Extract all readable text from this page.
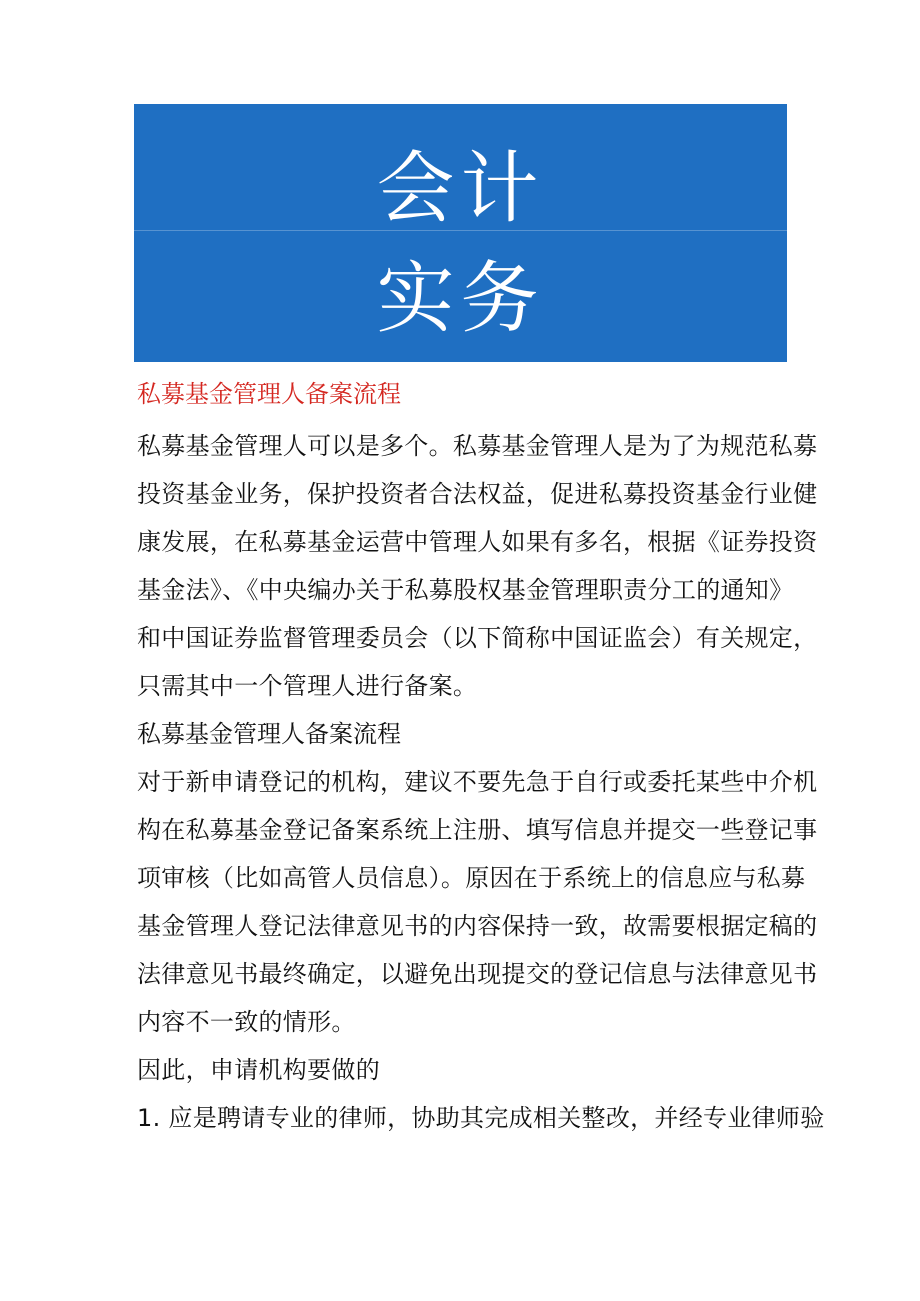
会计
实务

私募基金管理人备案流程

私募基金管理人可以是多个。私募基金管理人是为了为规范私募

投资基金业务，保护投资者合法权益，促进私募投资基金行业健

康发展，在私募基金运营中管理人如果有多名，根据《证券投资

基金法》、《中央编办关于私募股权基金管理职责分工的通知》

和中国证券监督管理委员会（以下简称中国证监会）有关规定，

只需其中一个管理人进行备案。

私募基金管理人备案流程

对于新申请登记的机构，建议不要先急于自行或委托某些中介机

构在私募基金登记备案系统上注册、填写信息并提交一些登记事

项审核（比如高管人员信息）。原因在于系统上的信息应与私募

基金管理人登记法律意见书的内容保持一致，故需要根据定稿的

法律意见书最终确定，以避免出现提交的登记信息与法律意见书

内容不一致的情形。

因此，申请机构要做的

1. 应是聘请专业的律师，协助其完成相关整改，并经专业律师验
